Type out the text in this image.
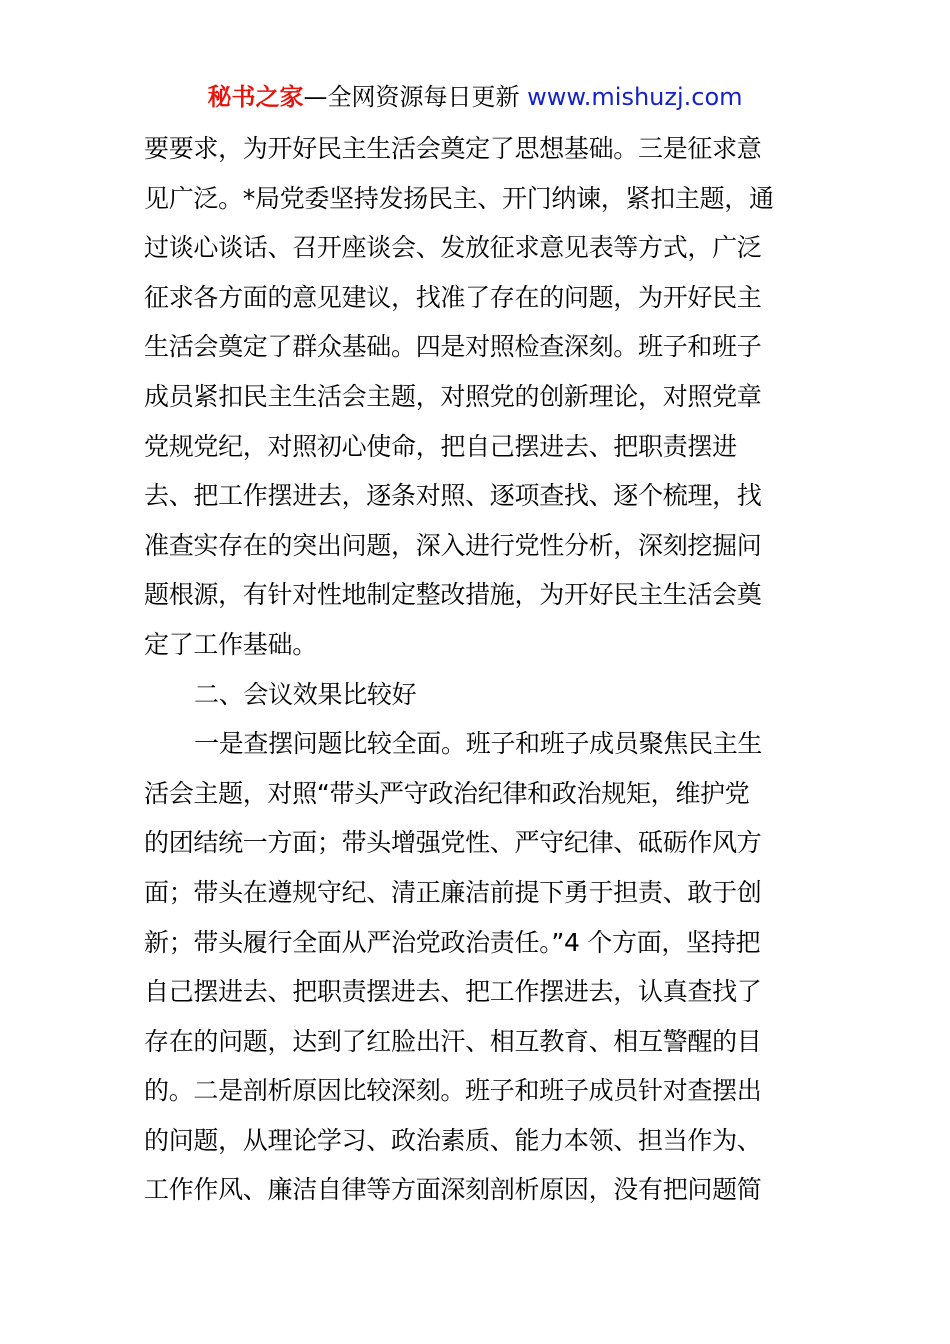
秘书之家—全网资源每日更新 www.mishuzj.com
要要求，为开好民主生活会奠定了思想基础。三是征求意
见广泛。*局党委坚持发扬民主、开门纳谏，紧扣主题，通
过谈心谈话、召开座谈会、发放征求意见表等方式，广泛
征求各方面的意见建议，找准了存在的问题，为开好民主
生活会奠定了群众基础。四是对照检查深刻。班子和班子
成员紧扣民主生活会主题，对照党的创新理论，对照党章
党规党纪，对照初心使命，把自己摆进去、把职责摆进
去、把工作摆进去，逐条对照、逐项查找、逐个梳理，找
准查实存在的突出问题，深入进行党性分析，深刻挖掘问
题根源，有针对性地制定整改措施，为开好民主生活会奠
定了工作基础。
二、会议效果比较好
一是查摆问题比较全面。班子和班子成员聚焦民主生
活会主题，对照“带头严守政治纪律和政治规矩，维护党
的团结统一方面；带头增强党性、严守纪律、砥砺作风方
面；带头在遵规守纪、清正廉洁前提下勇于担责、敢于创
新；带头履行全面从严治党政治责任。”4 个方面，坚持把
自己摆进去、把职责摆进去、把工作摆进去，认真查找了
存在的问题，达到了红脸出汗、相互教育、相互警醒的目
的。二是剖析原因比较深刻。班子和班子成员针对查摆出
的问题，从理论学习、政治素质、能力本领、担当作为、
工作作风、廉洁自律等方面深刻剖析原因，没有把问题简
